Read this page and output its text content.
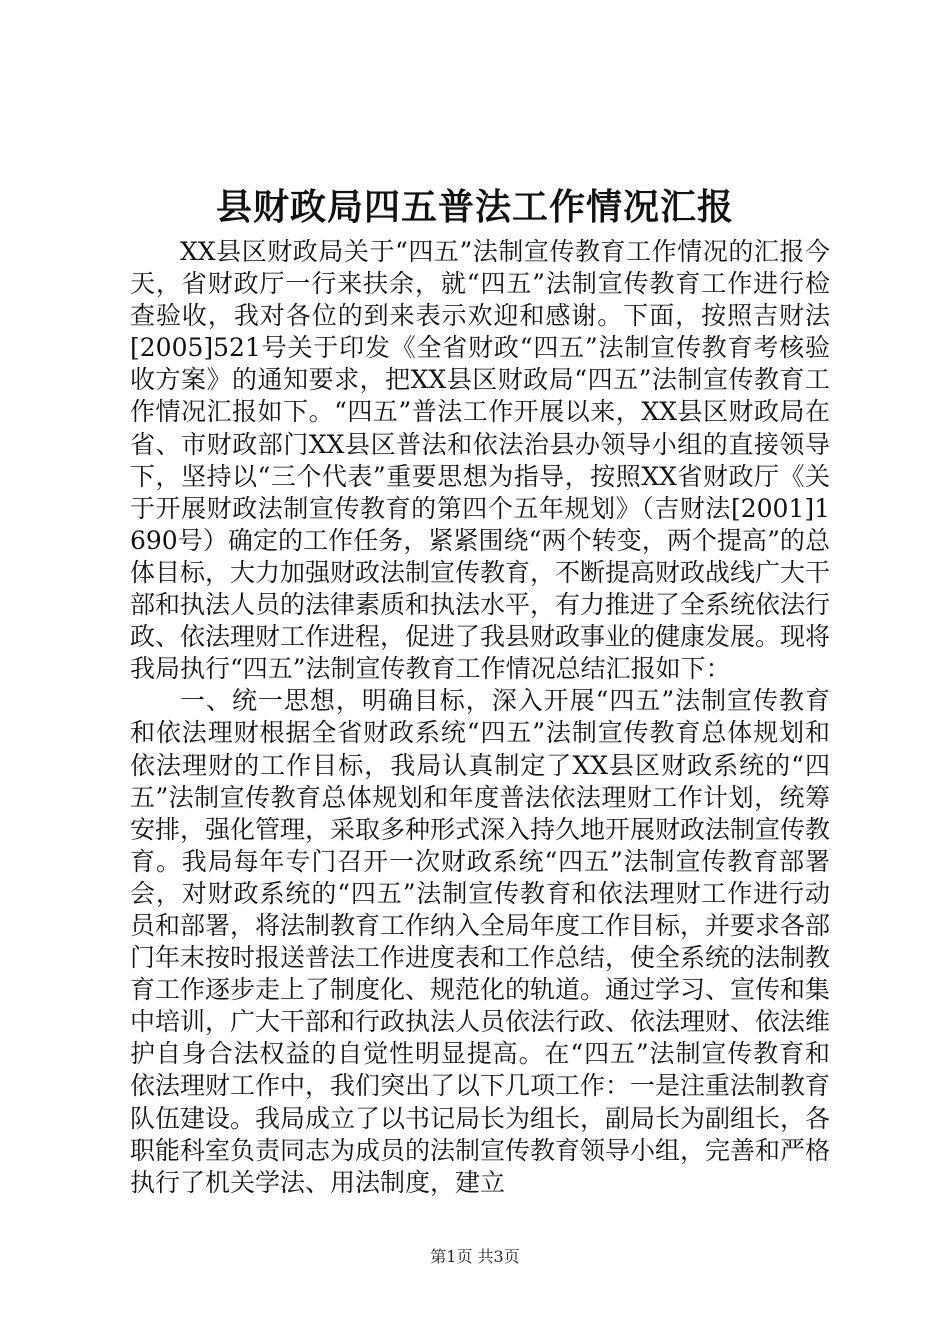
县财政局四五普法工作情况汇报

XX县区财政局关于“四五”法制宣传教育工作情况的汇报今天，省财政厅一行来扶余，就“四五”法制宣传教育工作进行检查验收，我对各位的到来表示欢迎和感谢。下面，按照吉财法[2005]521号关于印发《全省财政“四五”法制宣传教育考核验收方案》的通知要求，把XX县区财政局“四五”法制宣传教育工作情况汇报如下。“四五”普法工作开展以来，XX县区财政局在省、市财政部门XX县区普法和依法治县办领导小组的直接领导下，坚持以“三个代表”重要思想为指导，按照XX省财政厅《关于开展财政法制宣传教育的第四个五年规划》（吉财法[2001]1690号）确定的工作任务，紧紧围绕“两个转变，两个提高”的总体目标，大力加强财政法制宣传教育，不断提高财政战线广大干部和执法人员的法律素质和执法水平，有力推进了全系统依法行政、依法理财工作进程，促进了我县财政事业的健康发展。现将我局执行“四五”法制宣传教育工作情况总结汇报如下：

一、统一思想，明确目标，深入开展“四五”法制宣传教育和依法理财根据全省财政系统“四五”法制宣传教育总体规划和依法理财的工作目标，我局认真制定了XX县区财政系统的“四五”法制宣传教育总体规划和年度普法依法理财工作计划，统筹安排，强化管理，采取多种形式深入持久地开展财政法制宣传教育。我局每年专门召开一次财政系统“四五”法制宣传教育部署会，对财政系统的“四五”法制宣传教育和依法理财工作进行动员和部署，将法制教育工作纳入全局年度工作目标，并要求各部门年末按时报送普法工作进度表和工作总结，使全系统的法制教育工作逐步走上了制度化、规范化的轨道。通过学习、宣传和集中培训，广大干部和行政执法人员依法行政、依法理财、依法维护自身合法权益的自觉性明显提高。在“四五”法制宣传教育和依法理财工作中，我们突出了以下几项工作：一是注重法制教育队伍建设。我局成立了以书记局长为组长，副局长为副组长，各职能科室负责同志为成员的法制宣传教育领导小组，完善和严格执行了机关学法、用法制度，建立

第1页 共3页
